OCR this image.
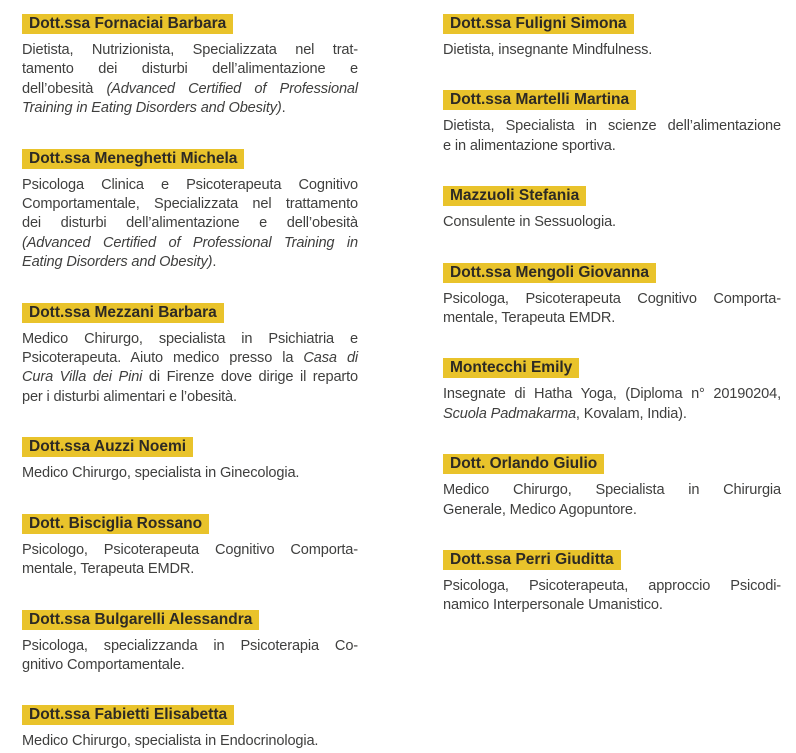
Dott.ssa Fornaciai Barbara
Dietista, Nutrizionista, Specializzata nel trat-
tamento dei disturbi dell’alimentazione e
dell’obesità (Advanced Certified of Professional
Training in Eating Disorders and Obesity).
Dott.ssa Meneghetti Michela
Psicologa Clinica e Psicoterapeuta Cognitivo
Comportamentale, Specializzata nel trattamento
dei disturbi dell’alimentazione e dell’obesità
(Advanced Certified of Professional Training in
Eating Disorders and Obesity).
Dott.ssa Mezzani Barbara
Medico Chirurgo, specialista in Psichiatria e
Psicoterapeuta. Aiuto medico presso la Casa di
Cura Villa dei Pini di Firenze dove dirige il reparto
per i disturbi alimentari e l’obesità.
Dott.ssa Auzzi Noemi
Medico Chirurgo, specialista in Ginecologia.
Dott. Bisciglia Rossano
Psicologo, Psicoterapeuta Cognitivo Comporta-
mentale, Terapeuta EMDR.
Dott.ssa Bulgarelli Alessandra
Psicologa, specializzanda in Psicoterapia Co-
gnitivo Comportamentale.
Dott.ssa Fabietti Elisabetta
Medico Chirurgo, specialista in Endocrinologia.
Dott.ssa Fuligni Simona
Dietista, insegnante Mindfulness.
Dott.ssa Martelli Martina
Dietista, Specialista in scienze dell’alimentazione
e in alimentazione sportiva.
Mazzuoli Stefania
Consulente in Sessuologia.
Dott.ssa Mengoli Giovanna
Psicologa, Psicoterapeuta Cognitivo Comporta-
mentale, Terapeuta EMDR.
Montecchi Emily
Insegnate di Hatha Yoga, (Diploma n° 20190204,
Scuola Padmakarma, Kovalam, India).
Dott. Orlando Giulio
Medico Chirurgo, Specialista in Chirurgia
Generale, Medico Agopuntore.
Dott.ssa Perri Giuditta
Psicologa, Psicoterapeuta, approccio Psicodi-
namico Interpersonale Umanistico.
